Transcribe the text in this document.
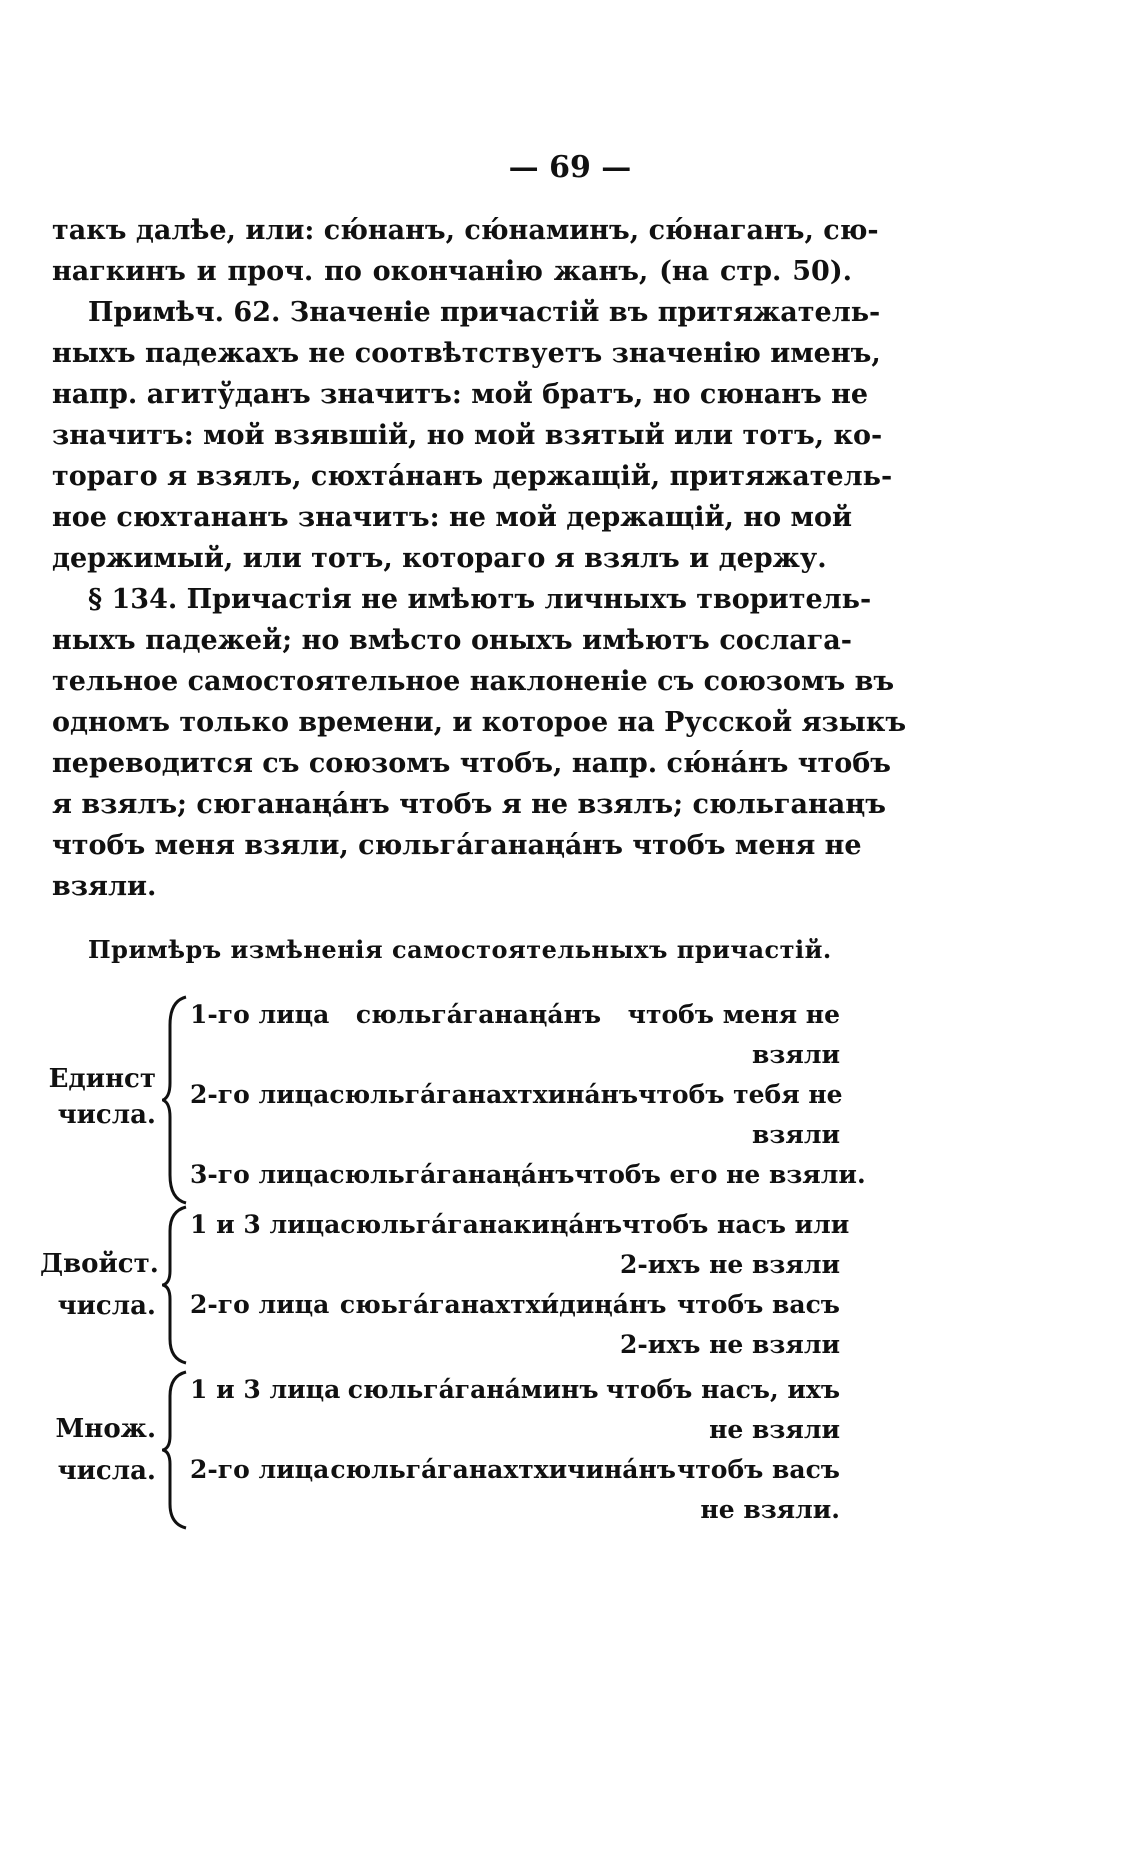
— 69 —
такъ далѣе, или: сю́нанъ, сю́наминъ, сю́наганъ, сю-
нагкинъ и проч. по окончанію жанъ, (на стр. 50).
Примѣч. 62. Значеніе причастій въ притяжатель-
ныхъ падежахъ не соотвѣтствуетъ значенію именъ,
напр. агитўданъ значитъ: мой братъ, но сюнанъ не
значитъ: мой взявшій, но мой взятый или тотъ, ко-
тораго я взялъ, сюхта́нанъ держащій, притяжатель-
ное сюхтананъ значитъ: не мой держащій, но мой
держимый, или тотъ, котораго я взялъ и держу.
§ 134. Причастія не имѣютъ личныхъ творитель-
ныхъ падежей; но вмѣсто оныхъ имѣютъ сослага-
тельное самостоятельное наклоненіе съ союзомъ въ
одномъ только времени, и которое на Русской языкъ
переводится съ союзомъ чтобъ, напр. сю́на́нъ чтобъ
я взялъ; сюганаңа́нъ чтобъ я не взялъ; сюльганаңъ
чтобъ меня взяли, сюльга́ганаңа́нъ чтобъ меня не
взяли.
Примѣръ измѣненія самостоятельныхъ причастій.
Единст
числа.
1-го лица сюльга́ганаңа́нъ чтобъ меня не
взяли
2-го лица сюльга́ганахтхина́нъ чтобъ тебя не
взяли
3-го лица сюльга́ганаңа́нъ чтобъ его не взяли.
Двойст.
числа.
1 и 3 лица сюльга́ганакиңа́нъ чтобъ насъ или
2-ихъ не взяли
2-го лица сюьга́ганахтхи́диңа́нъ чтобъ васъ
2-ихъ не взяли
Множ.
числа.
1 и 3 лица сюльга́гана́минъ чтобъ насъ, ихъ
не взяли
2-го лица сюльга́ганахтхичина́нъ чтобъ васъ
не взяли.
